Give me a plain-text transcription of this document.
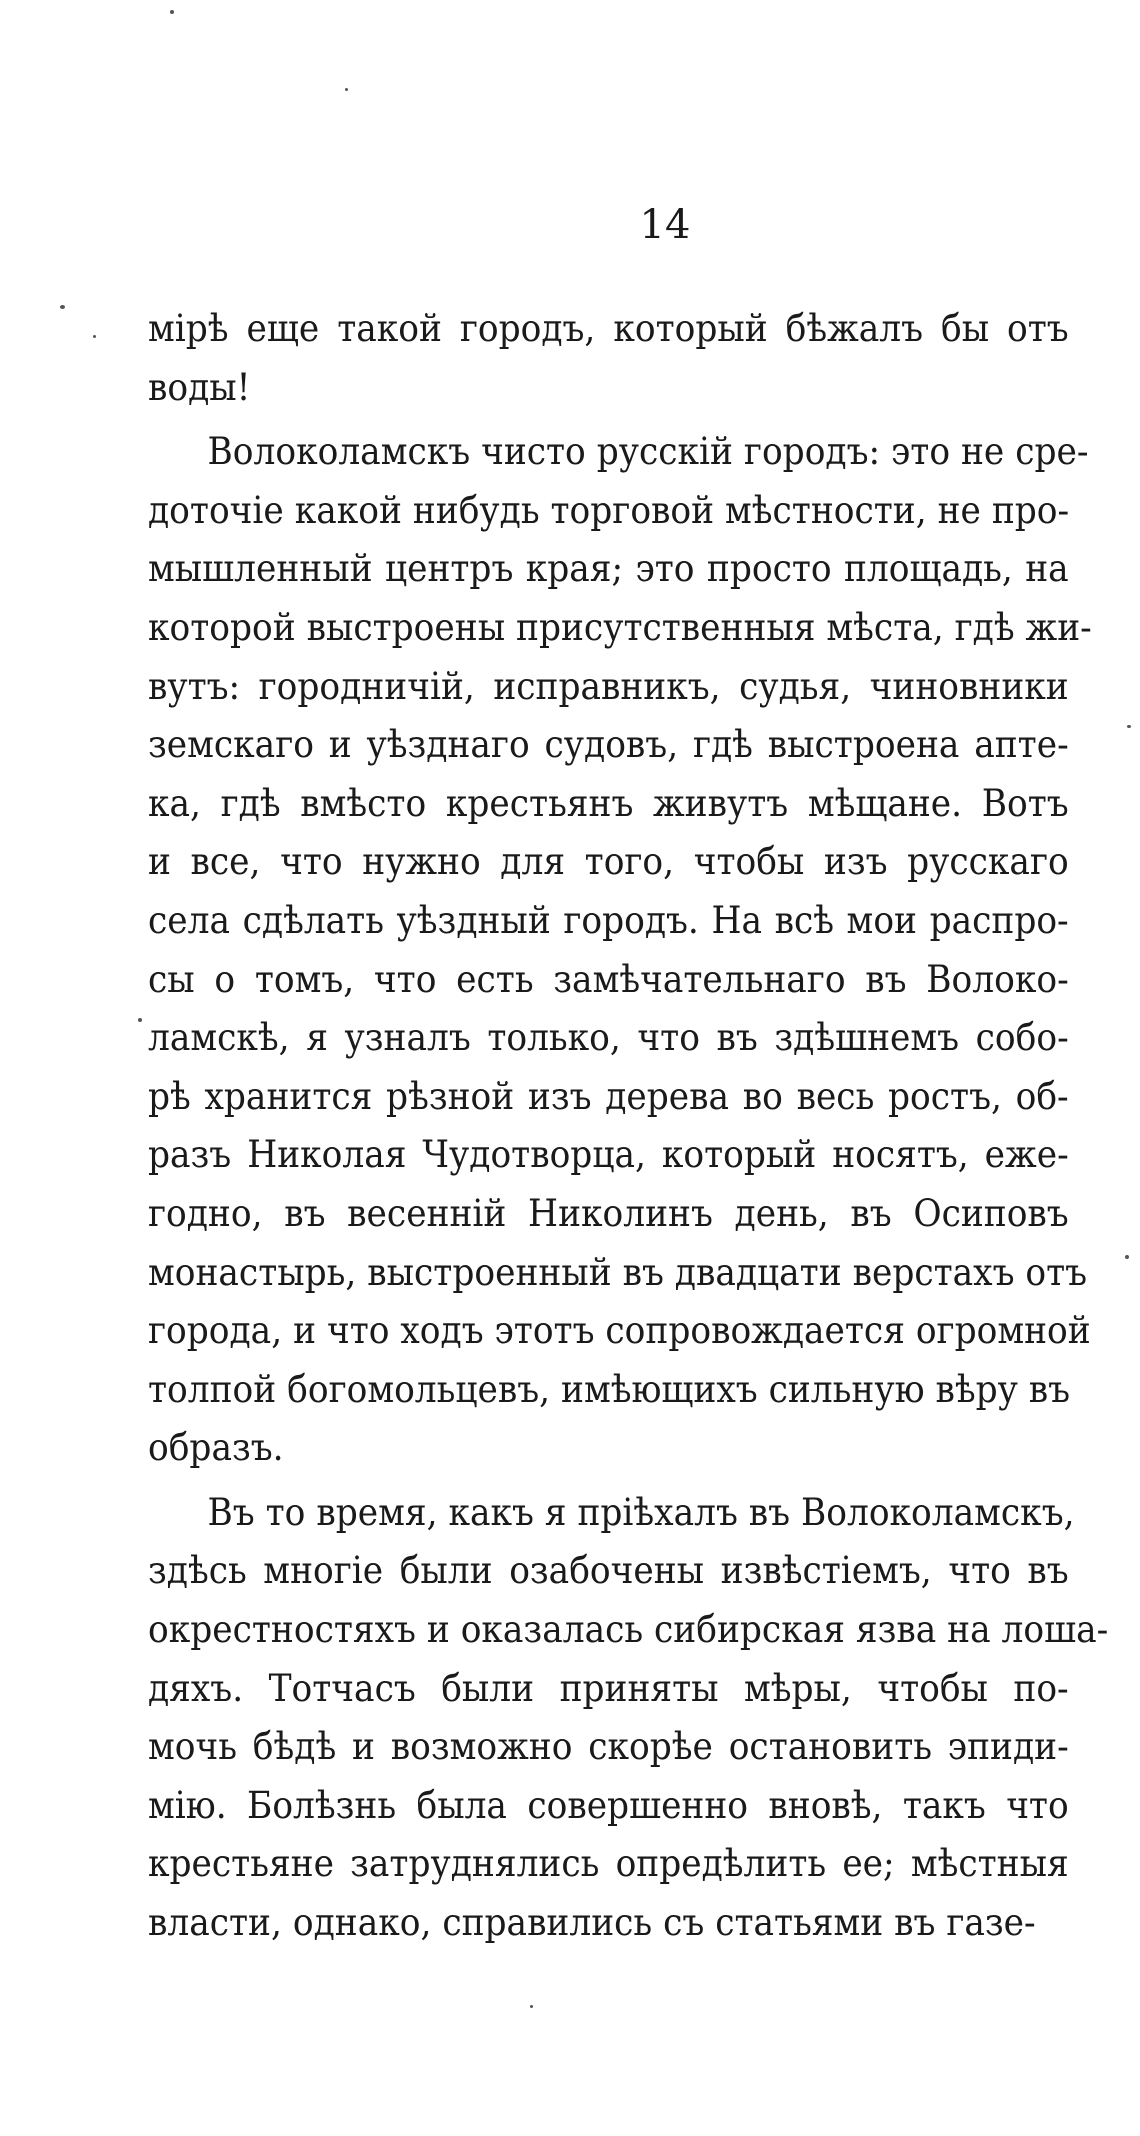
14
мірѣ еще такой городъ, который бѣжалъ бы отъ
воды!
Волоколамскъ чисто русскій городъ: это не сре-
доточіе какой нибудь торговой мѣстности, не про-
мышленный центръ края; это просто площадь, на
которой выстроены присутственныя мѣста, гдѣ жи-
вутъ: городничій, исправникъ, судья, чиновники
земскаго и уѣзднаго судовъ, гдѣ выстроена апте-
ка, гдѣ вмѣсто крестьянъ живутъ мѣщане. Вотъ
и все, что нужно для того, чтобы изъ русскаго
села сдѣлать уѣздный городъ. На всѣ мои распро-
сы о томъ, что есть замѣчательнаго въ Волоко-
ламскѣ, я узналъ только, что въ здѣшнемъ собо-
рѣ хранится рѣзной изъ дерева во весь ростъ, об-
разъ Николая Чудотворца, который носятъ, еже-
годно, въ весенній Николинъ день, въ Осиповъ
монастырь, выстроенный въ двадцати верстахъ отъ
города, и что ходъ этотъ сопровождается огромной
толпой богомольцевъ, имѣющихъ сильную вѣру въ
образъ.
Въ то время, какъ я пріѣхалъ въ Волоколамскъ,
здѣсь многіе были озабочены извѣстіемъ, что въ
окрестностяхъ и оказалась сибирская язва на лоша-
дяхъ. Тотчасъ были приняты мѣры, чтобы по-
мочь бѣдѣ и возможно скорѣе остановить эпиди-
мію. Болѣзнь была совершенно вновѣ, такъ что
крестьяне затруднялись опредѣлить ее; мѣстныя
власти, однако, справились съ статьями въ газе-
